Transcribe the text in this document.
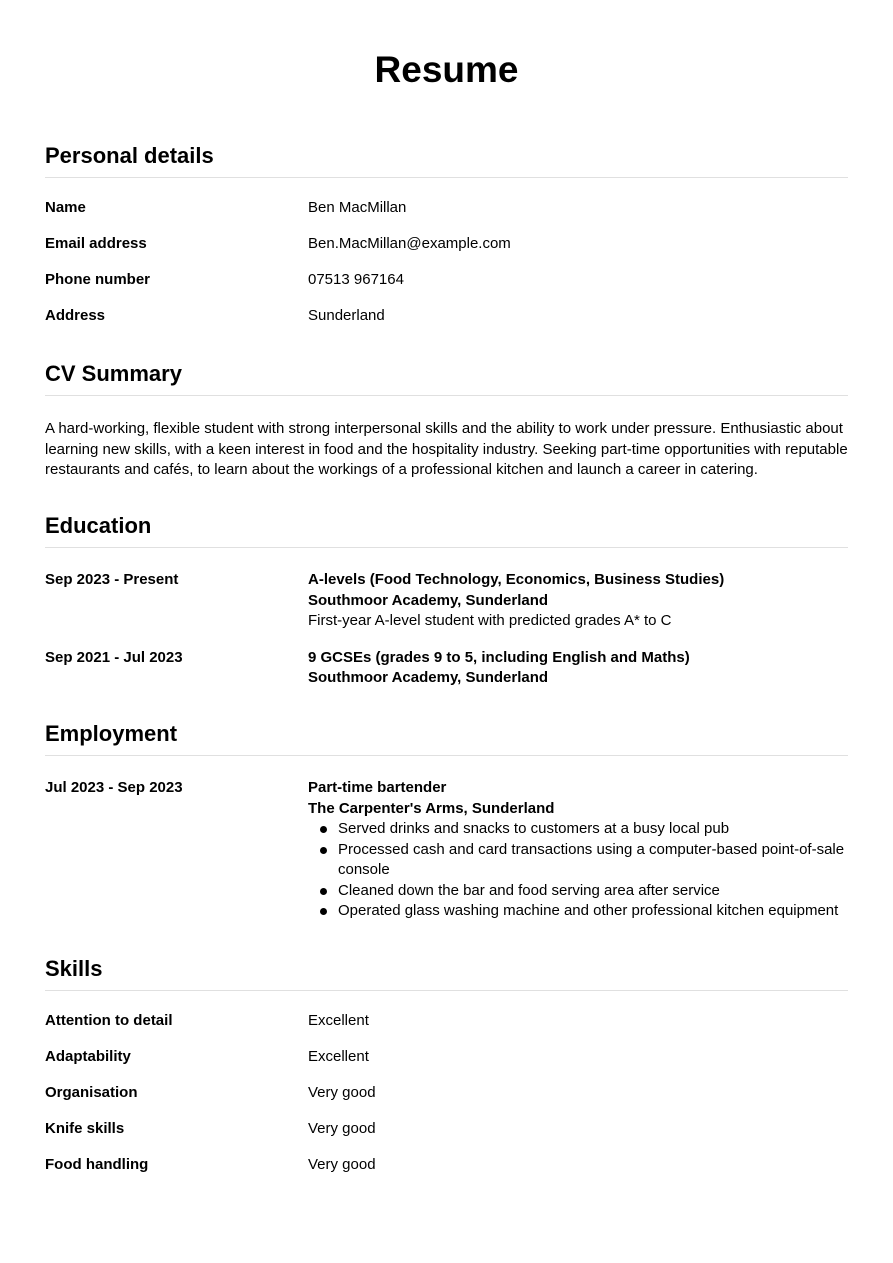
Resume
Personal details
Name	Ben MacMillan
Email address	Ben.MacMillan@example.com
Phone number	07513 967164
Address	Sunderland
CV Summary

A hard-working, flexible student with strong interpersonal skills and the ability to work under pressure. Enthusiastic about learning new skills, with a keen interest in food and the hospitality industry. Seeking part-time opportunities with reputable restaurants and cafés, to learn about the workings of a professional kitchen and launch a career in catering.

Education
Sep 2023 - Present	A-levels (Food Technology, Economics, Business Studies)
Southmoor Academy, Sunderland
First-year A-level student with predicted grades A* to C
Sep 2021 - Jul 2023	9 GCSEs (grades 9 to 5, including English and Maths)
Southmoor Academy, Sunderland
Employment
Jul 2023 - Sep 2023	Part-time bartender
The Carpenter's Arms, Sunderland
Served drinks and snacks to customers at a busy local pub
Processed cash and card transactions using a computer-based point-of-sale console
Cleaned down the bar and food serving area after service
Operated glass washing machine and other professional kitchen equipment
Skills
Attention to detail	Excellent
Adaptability	Excellent
Organisation	Very good
Knife skills	Very good
Food handling	Very good
